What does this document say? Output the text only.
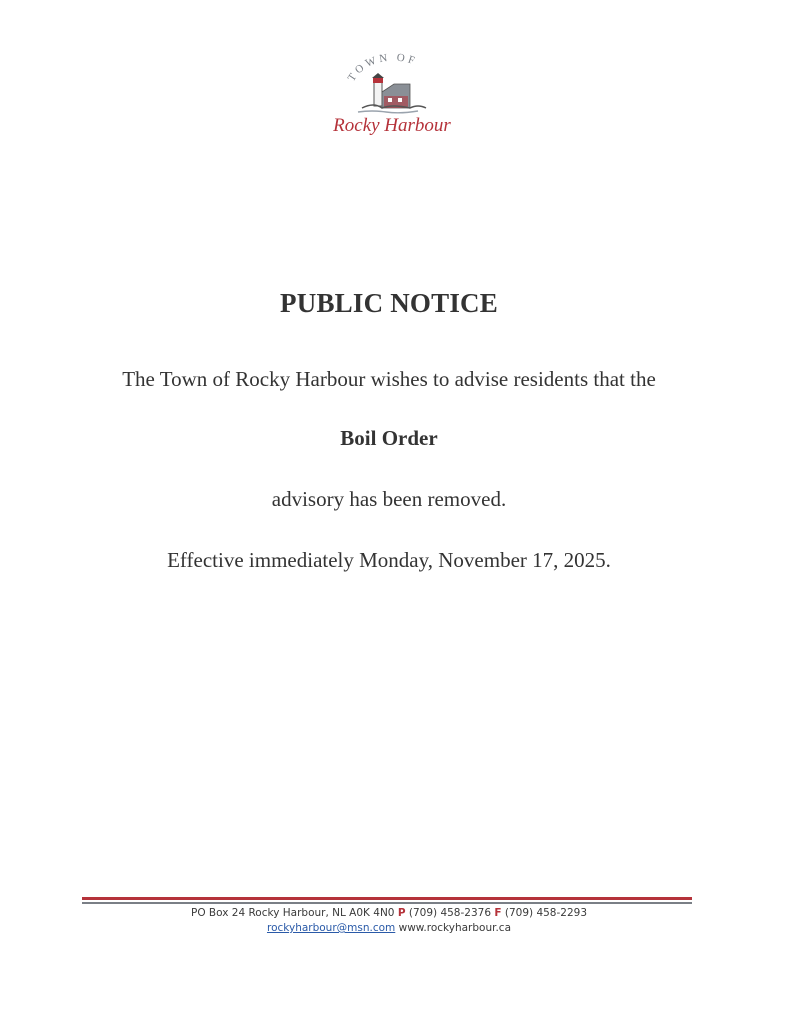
TOWN OF
Rocky Harbour
PUBLIC NOTICE
The Town of Rocky Harbour wishes to advise residents that the
Boil Order
advisory has been removed.
Effective immediately Monday, November 17, 2025.
PO Box 24 Rocky Harbour, NL A0K 4N0 P (709) 458-2376 F (709) 458-2293
rockyharbour@msn.com www.rockyharbour.ca
